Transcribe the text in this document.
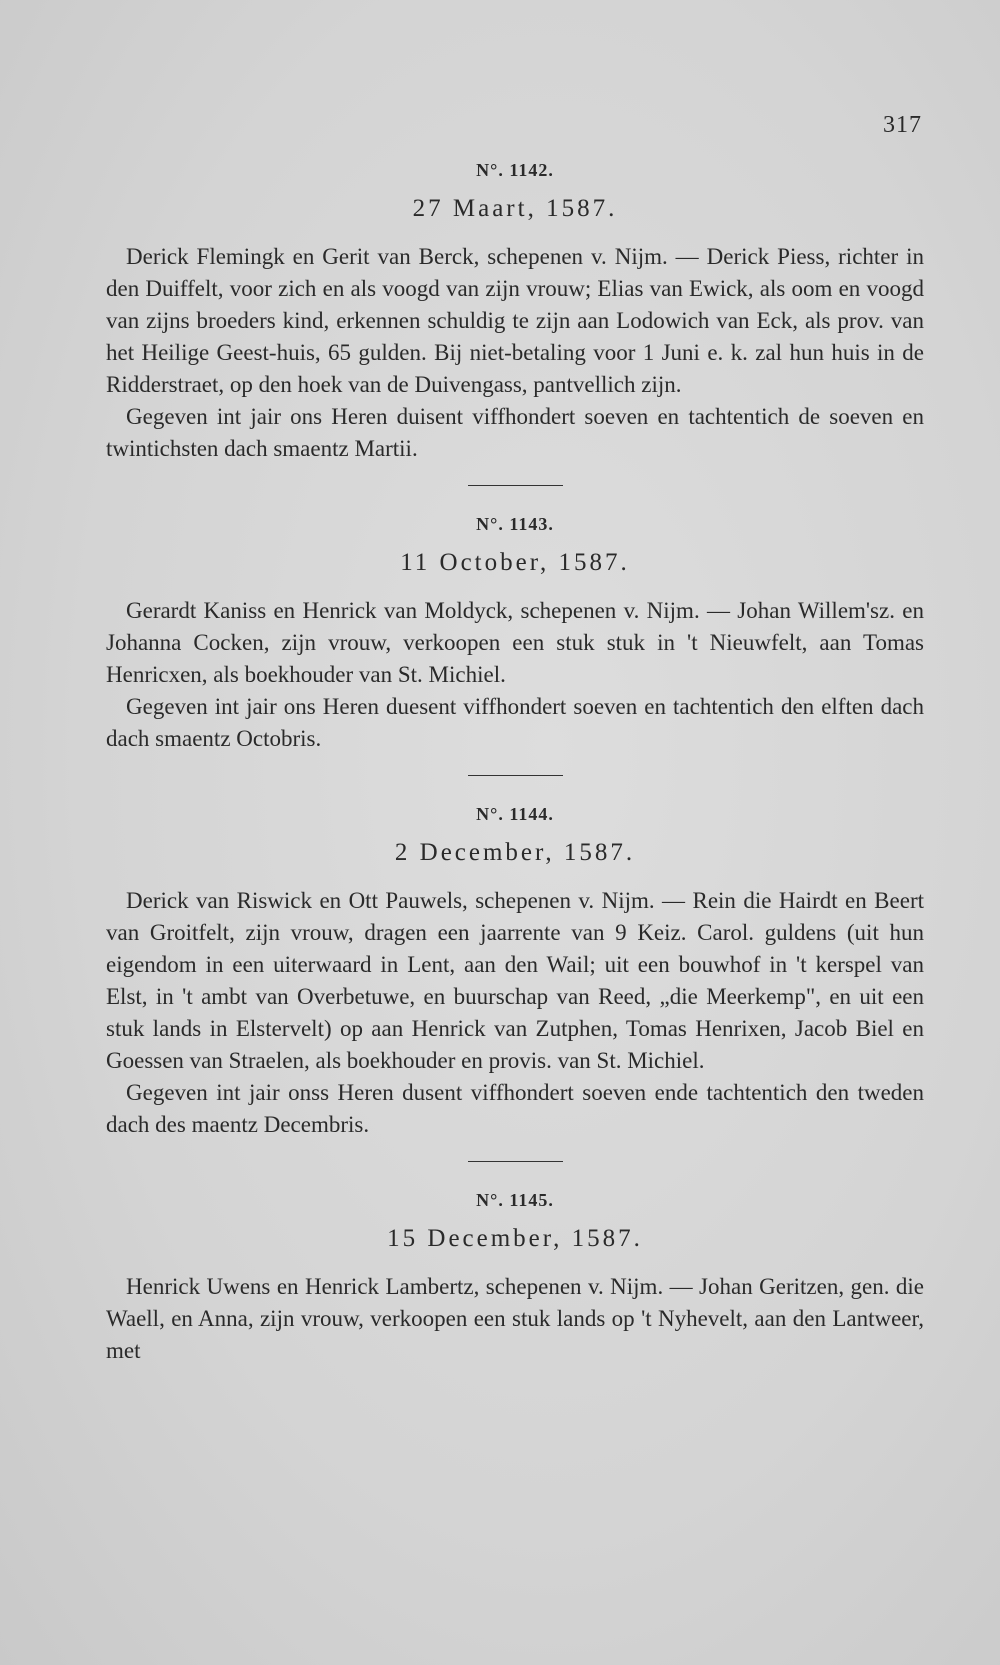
317
N°. 1142.
27 Maart, 1587.

Derick Flemingk en Gerit van Berck, schepenen v. Nijm. — Derick Piess, richter in den Duiffelt, voor zich en als voogd van zijn vrouw; Elias van Ewick, als oom en voogd van zijns broeders kind, erkennen schuldig te zijn aan Lodowich van Eck, als prov. van het Heilige Geest-huis, 65 gulden. Bij niet-betaling voor 1 Juni e. k. zal hun huis in de Ridderstraet, op den hoek van de Duivengass, pantvellich zijn.

Gegeven int jair ons Heren duisent viffhondert soeven en tachtentich de soeven en twintichsten dach smaentz Martii.

N°. 1143.
11 October, 1587.

Gerardt Kaniss en Henrick van Moldyck, schepenen v. Nijm. — Johan Willem'sz. en Johanna Cocken, zijn vrouw, verkoopen een stuk stuk in 't Nieuwfelt, aan Tomas Henricxen, als boekhouder van St. Michiel.

Gegeven int jair ons Heren duesent viffhondert soeven en tachtentich den elften dach dach smaentz Octobris.

N°. 1144.
2 December, 1587.

Derick van Riswick en Ott Pauwels, schepenen v. Nijm. — Rein die Hairdt en Beert van Groitfelt, zijn vrouw, dragen een jaarrente van 9 Keiz. Carol. guldens (uit hun eigendom in een uiterwaard in Lent, aan den Wail; uit een bouwhof in 't kerspel van Elst, in 't ambt van Overbetuwe, en buurschap van Reed, „die Meerkemp", en uit een stuk lands in Elstervelt) op aan Henrick van Zutphen, Tomas Henrixen, Jacob Biel en Goessen van Straelen, als boekhouder en provis. van St. Michiel.

Gegeven int jair onss Heren dusent viffhondert soeven ende tachtentich den tweden dach des maentz Decembris.

N°. 1145.
15 December, 1587.

Henrick Uwens en Henrick Lambertz, schepenen v. Nijm. — Johan Geritzen, gen. die Waell, en Anna, zijn vrouw, verkoopen een stuk lands op 't Nyhevelt, aan den Lantweer, met
